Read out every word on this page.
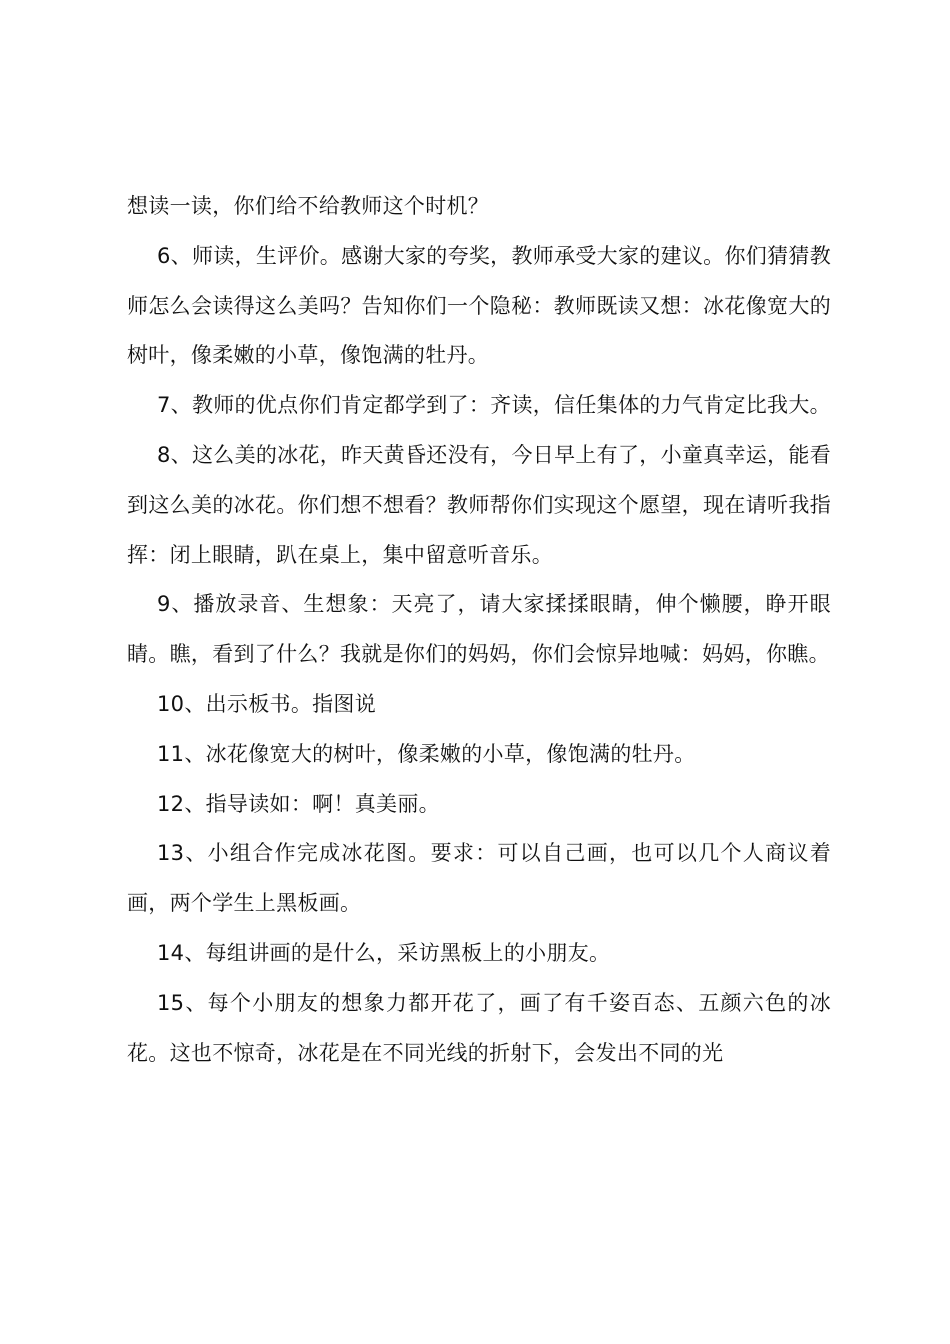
想读一读，你们给不给教师这个时机？

6、师读，生评价。感谢大家的夸奖，教师承受大家的建议。你们猜猜教师怎么会读得这么美吗？告知你们一个隐秘：教师既读又想：冰花像宽大的树叶，像柔嫩的小草，像饱满的牡丹。

7、教师的优点你们肯定都学到了：齐读，信任集体的力气肯定比我大。

8、这么美的冰花，昨天黄昏还没有，今日早上有了，小童真幸运，能看到这么美的冰花。你们想不想看？教师帮你们实现这个愿望，现在请听我指挥：闭上眼睛，趴在桌上，集中留意听音乐。

9、播放录音、生想象：天亮了，请大家揉揉眼睛，伸个懒腰，睁开眼睛。瞧，看到了什么？我就是你们的妈妈，你们会惊异地喊：妈妈，你瞧。

10、出示板书。指图说

11、冰花像宽大的树叶，像柔嫩的小草，像饱满的牡丹。

12、指导读如：啊！真美丽。

13、小组合作完成冰花图。要求：可以自己画，也可以几个人商议着画，两个学生上黑板画。

14、每组讲画的是什么，采访黑板上的小朋友。

15、每个小朋友的想象力都开花了，画了有千姿百态、五颜六色的冰花。这也不惊奇，冰花是在不同光线的折射下，会发出不同的光
